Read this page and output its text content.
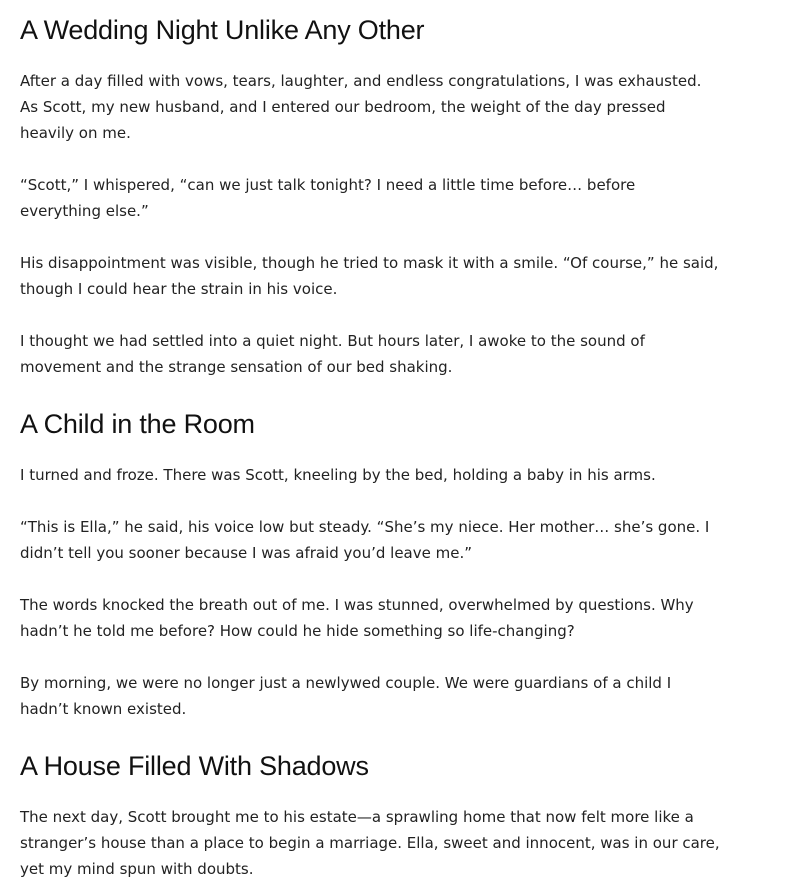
A Wedding Night Unlike Any Other

After a day filled with vows, tears, laughter, and endless congratulations, I was exhausted. As Scott, my new husband, and I entered our bedroom, the weight of the day pressed heavily on me.

“Scott,” I whispered, “can we just talk tonight? I need a little time before… before everything else.”

His disappointment was visible, though he tried to mask it with a smile. “Of course,” he said, though I could hear the strain in his voice.

I thought we had settled into a quiet night. But hours later, I awoke to the sound of movement and the strange sensation of our bed shaking.

A Child in the Room

I turned and froze. There was Scott, kneeling by the bed, holding a baby in his arms.

“This is Ella,” he said, his voice low but steady. “She’s my niece. Her mother… she’s gone. I didn’t tell you sooner because I was afraid you’d leave me.”

The words knocked the breath out of me. I was stunned, overwhelmed by questions. Why hadn’t he told me before? How could he hide something so life-changing?

By morning, we were no longer just a newlywed couple. We were guardians of a child I hadn’t known existed.

A House Filled With Shadows

The next day, Scott brought me to his estate—a sprawling home that now felt more like a stranger’s house than a place to begin a marriage. Ella, sweet and innocent, was in our care, yet my mind spun with doubts.
